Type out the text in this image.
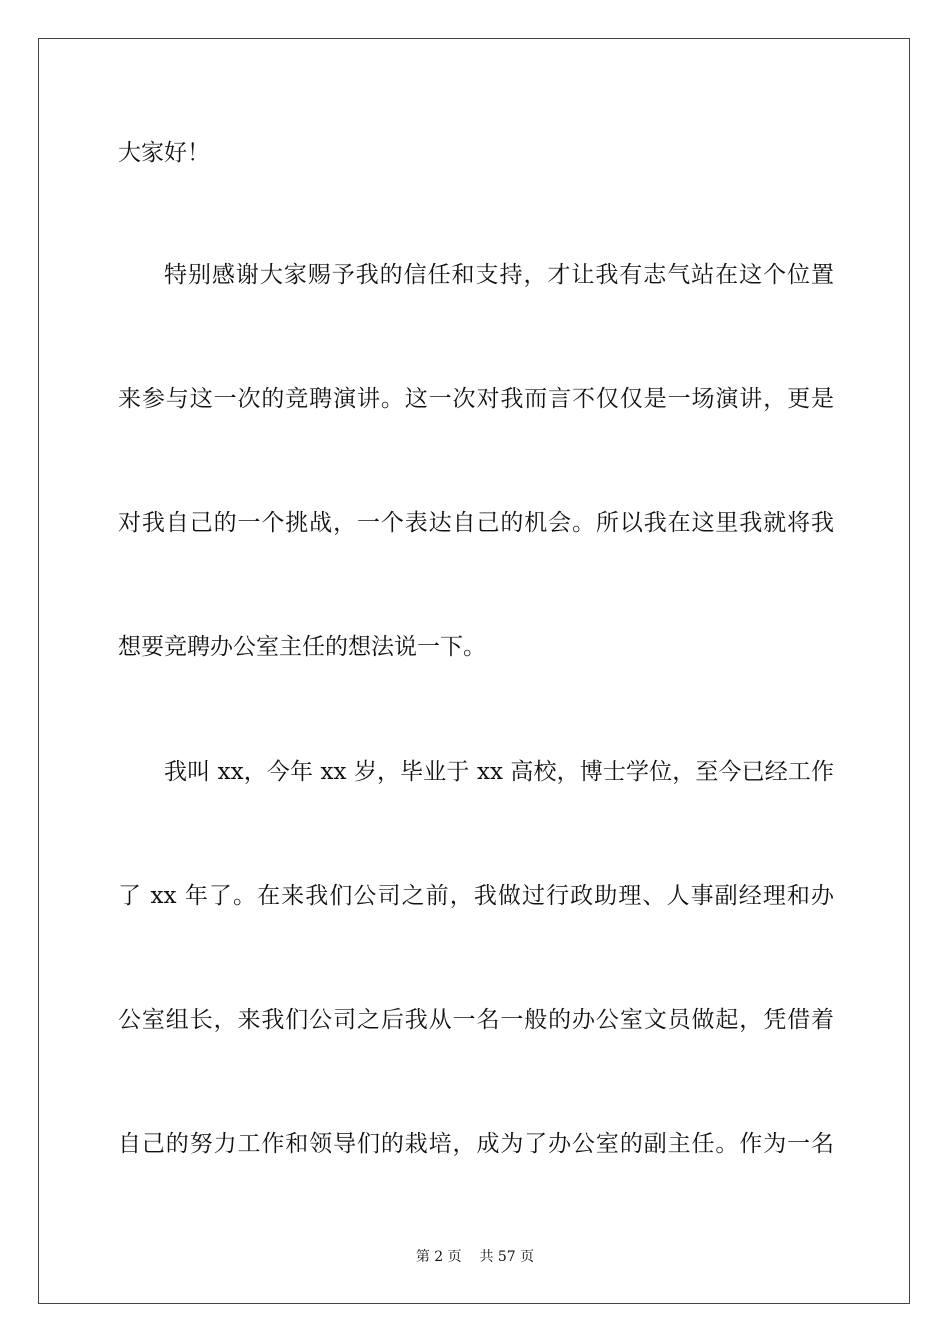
大家好！
特别感谢大家赐予我的信任和支持，才让我有志气站在这个位置
来参与这一次的竞聘演讲。这一次对我而言不仅仅是一场演讲，更是
对我自己的一个挑战，一个表达自己的机会。所以我在这里我就将我
想要竞聘办公室主任的想法说一下。
我叫 xx，今年 xx 岁，毕业于 xx 高校，博士学位，至今已经工作
了 xx 年了。在来我们公司之前，我做过行政助理、人事副经理和办
公室组长，来我们公司之后我从一名一般的办公室文员做起，凭借着
自己的努力工作和领导们的栽培，成为了办公室的副主任。作为一名
第 2 页 共 57 页
